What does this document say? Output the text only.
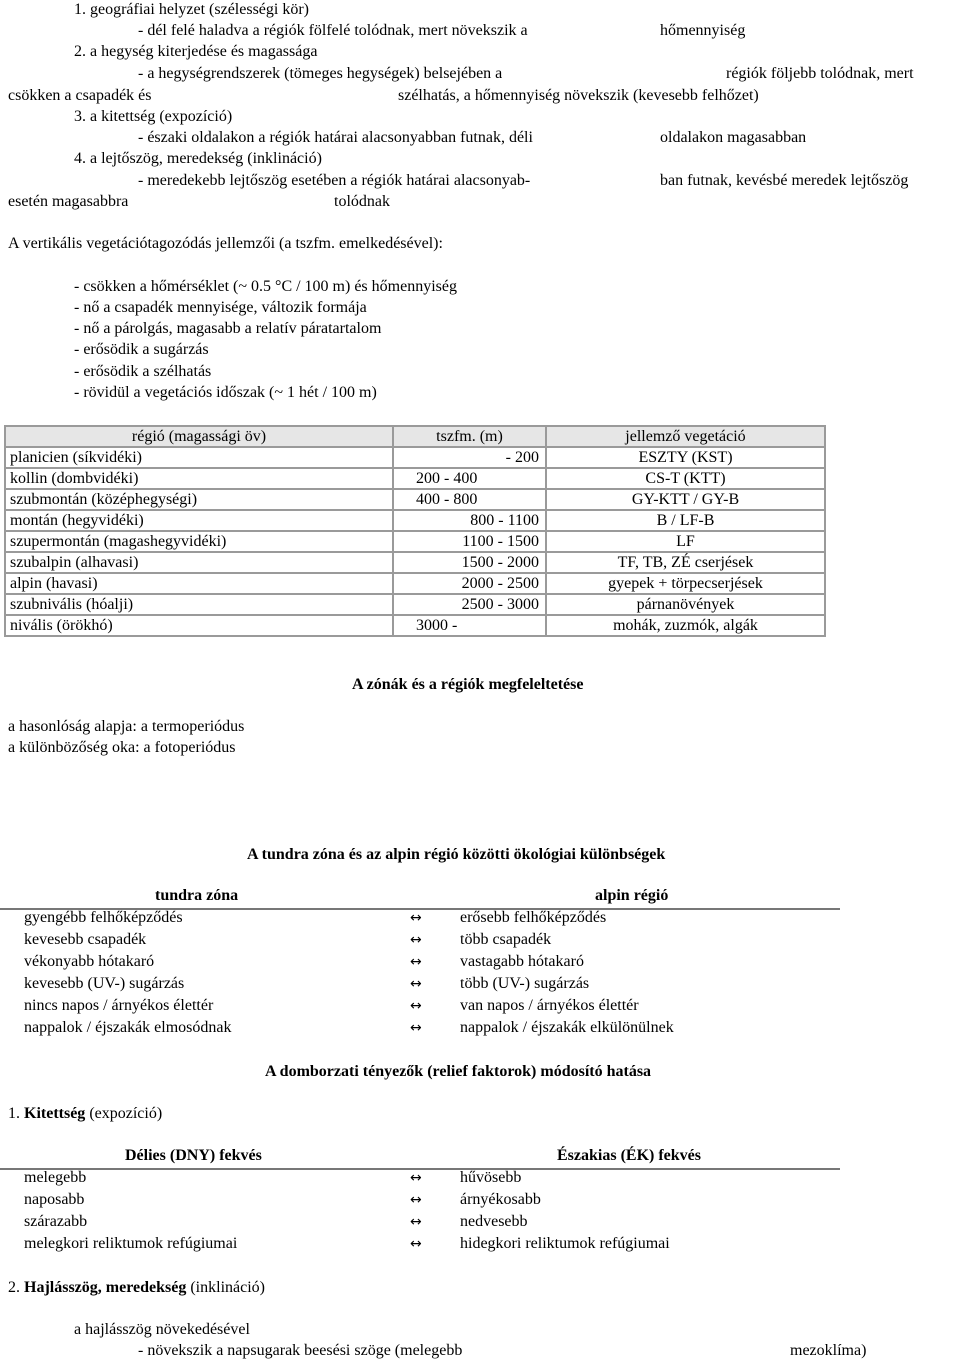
1. geográfiai helyzet (szélességi kör)
- dél felé haladva a régiók fölfelé tolódnak, mert növekszik a	hőmennyiség
2. a hegység kiterjedése és magassága
- a hegységrendszerek (tömeges hegységek) belsejében a	régiók följebb tolódnak, mert
csökken a csapadék és	szélhatás, a hőmennyiség növekszik (kevesebb felhőzet)
3. a kitettség (expozíció)
- északi oldalakon a régiók határai alacsonyabban futnak, déli	oldalakon magasabban
4. a lejtőszög, meredekség (inklináció)
- meredekebb lejtőszög esetében a régiók határai alacsonyab-	ban futnak, kevésbé meredek lejtőszög
esetén magasabbra	tolódnak
A vertikális vegetációtagozódás jellemzői (a tszfm. emelkedésével):
- csökken a hőmérséklet (~ 0.5 °C / 100 m) és hőmennyiség
- nő a csapadék mennyisége, változik formája
- nő a párolgás, magasabb a relatív páratartalom
- erősödik a sugárzás
- erősödik a szélhatás
- rövidül a vegetációs időszak (~ 1 hét / 100 m)
régió (magassági öv)	tszfm. (m)	jellemző vegetáció
planicien (síkvidéki)	- 200	ESZTY (KST)
kollin (dombvidéki)	200 - 400	CS-T (KTT)
szubmontán (középhegységi)	400 - 800	GY-KTT / GY-B
montán (hegyvidéki)	800 - 1100	B / LF-B
szupermontán (magashegyvidéki)	1100 - 1500	LF
szubalpin (alhavasi)	1500 - 2000	TF, TB, ZÉ cserjések
alpin (havasi)	2000 - 2500	gyepek + törpecserjések
szubnivális (hóalji)	2500 - 3000	párnanövények
nivális (örökhó)	3000 -	mohák, zuzmók, algák
A zónák és a régiók megfeleltetése
a hasonlóság alapja: a termoperiódus
a különbözőség oka: a fotoperiódus
A tundra zóna és az alpin régió közötti ökológiai különbségek
tundra zóna	alpin régió
gyengébb felhőképződés	↔ erősebb felhőképződés
kevesebb csapadék	↔ több csapadék
vékonyabb hótakaró	↔ vastagabb hótakaró
kevesebb (UV-) sugárzás	↔ több (UV-) sugárzás
nincs napos / árnyékos élettér	↔ van napos / árnyékos élettér
nappalok / éjszakák elmosódnak	↔ nappalok / éjszakák elkülönülnek
A domborzati tényezők (relief faktorok) módosító hatása
1. Kitettség (expozíció)
Délies (DNY) fekvés	Északias (ÉK) fekvés
melegebb	↔ hűvösebb
naposabb	↔ árnyékosabb
szárazabb	↔ nedvesebb
melegkori reliktumok refúgiumai	↔ hidegkori reliktumok refúgiumai
2. Hajlásszög, meredekség (inklináció)
a hajlásszög növekedésével
- növekszik a napsugarak beesési szöge (melegebb	mezoklíma)
